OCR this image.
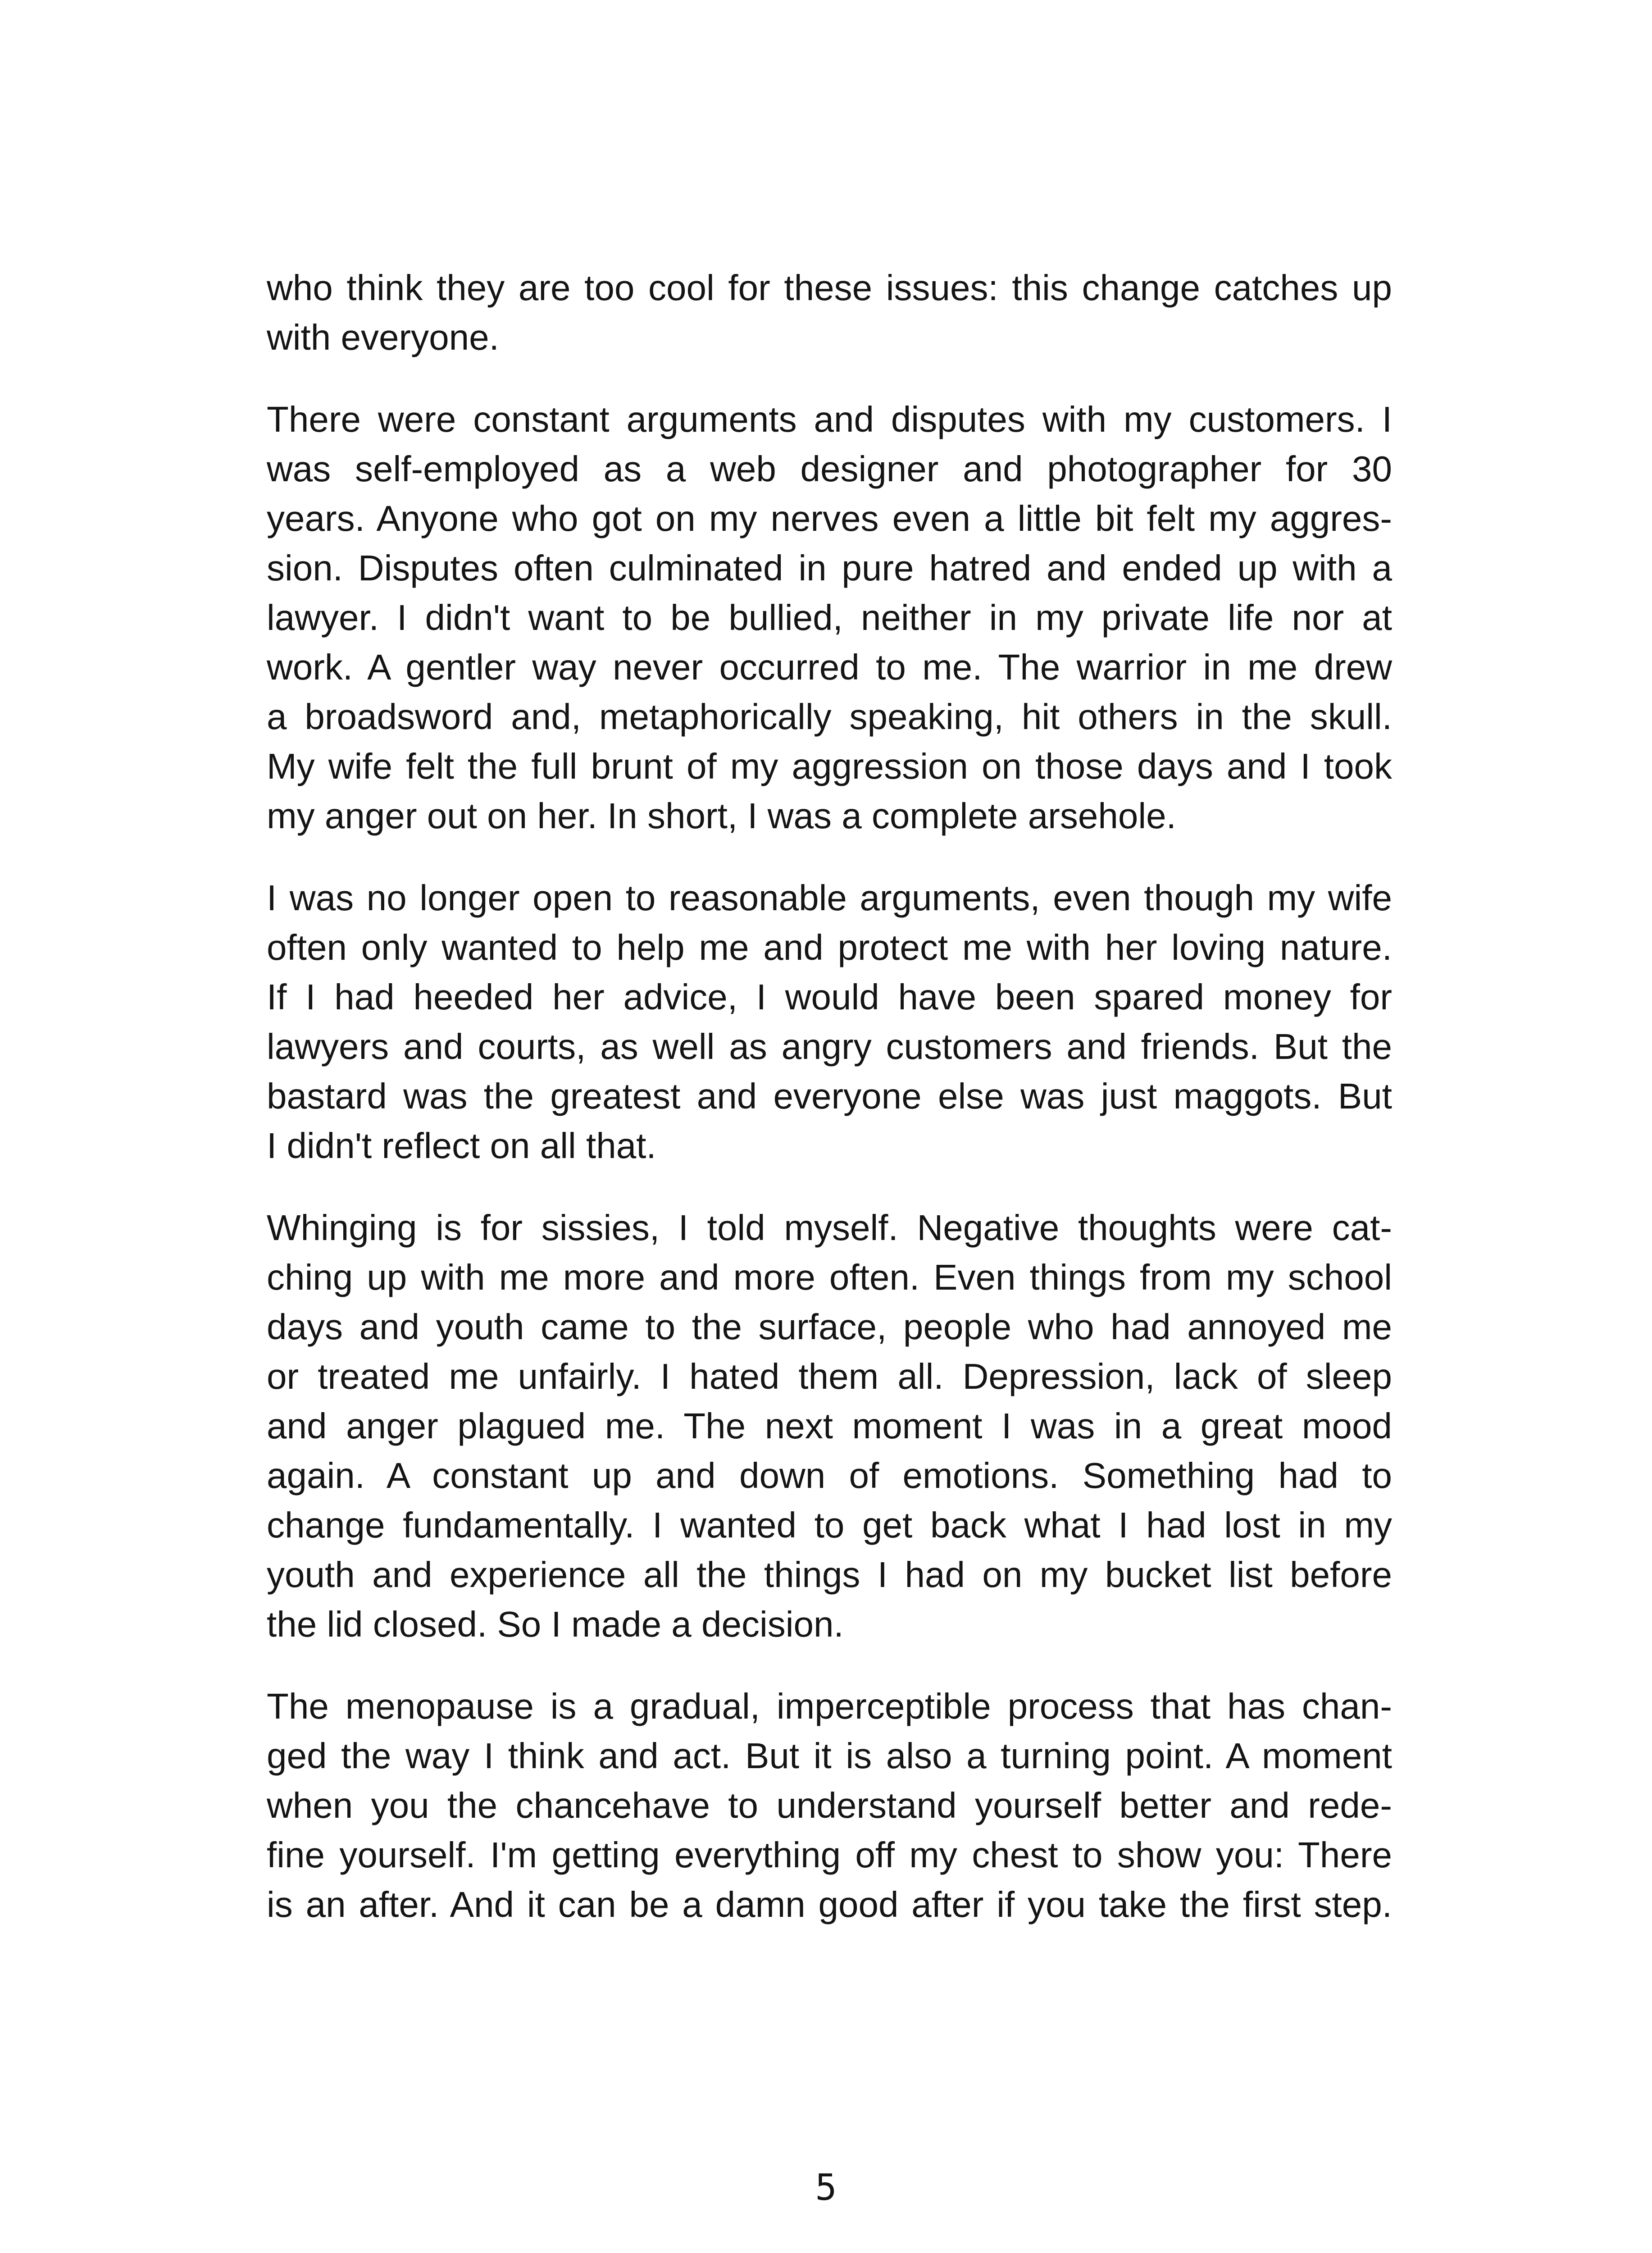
who think they are too cool for these issues: this change catches up
with everyone.
There were constant arguments and disputes with my customers. I
was self-employed as a web designer and photographer for 30
years. Anyone who got on my nerves even a little bit felt my aggres-
sion. Disputes often culminated in pure hatred and ended up with a
lawyer. I didn't want to be bullied, neither in my private life nor at
work. A gentler way never occurred to me. The warrior in me drew
a broadsword and, metaphorically speaking, hit others in the skull.
My wife felt the full brunt of my aggression on those days and I took
my anger out on her. In short, I was a complete arsehole.
I was no longer open to reasonable arguments, even though my wife
often only wanted to help me and protect me with her loving nature.
If I had heeded her advice, I would have been spared money for
lawyers and courts, as well as angry customers and friends. But the
bastard was the greatest and everyone else was just maggots. But
I didn't reflect on all that.
Whinging is for sissies, I told myself. Negative thoughts were cat-
ching up with me more and more often. Even things from my school
days and youth came to the surface, people who had annoyed me
or treated me unfairly. I hated them all. Depression, lack of sleep
and anger plagued me. The next moment I was in a great mood
again. A constant up and down of emotions. Something had to
change fundamentally. I wanted to get back what I had lost in my
youth and experience all the things I had on my bucket list before
the lid closed. So I made a decision.
The menopause is a gradual, imperceptible process that has chan-
ged the way I think and act. But it is also a turning point. A moment
when you the chancehave to understand yourself better and rede-
fine yourself. I'm getting everything off my chest to show you: There
is an after. And it can be a damn good after if you take the first step.
5
